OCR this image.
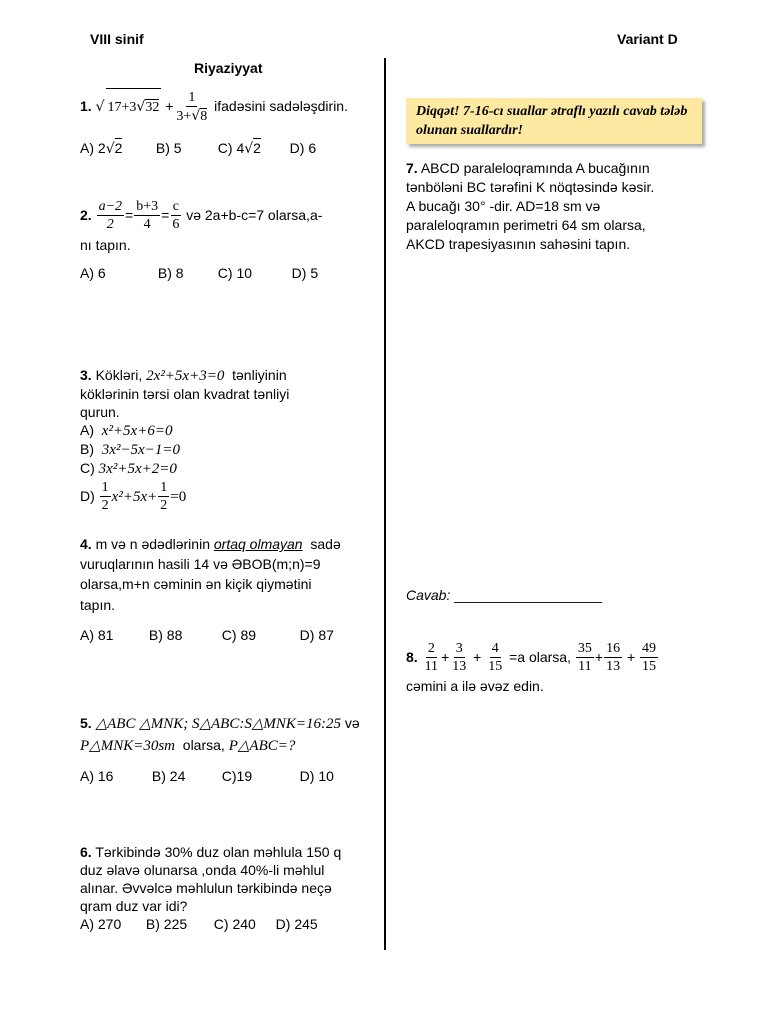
VIII sinif	Variant D
Riyaziyyat
1. √ $17+3√32 + \frac{1}{3+√8}$ ifadəsini sadələşdirin.
A) 2√2 B) 5	C) 4√2 D) 6
2. $\frac{a-2}{2} = \frac{b+3}{4} = \frac{c}{6}$ və 2a+b-c=7 olarsa,a-
nı tapın.
A) 6	B) 8 C) 10	D) 5
3. Kökləri, 2x²+5x+3=0 tənliyinin
köklərinin tərsi olan kvadrat tənliyi
qurun.
A) x²+5x+6=0
B) 3x²−5x−1=0
C) 3x²+5x+2=0
$D) \frac{1}{2} x^2+5x+ \frac{1}{2} =0$
4. m və n ədədlərinin ortaq olmayan sadə
vuruqlarının hasili 14 və ƏBOB(m;n)=9
olarsa,m+n cəminin ən kiçik qiymətini
tapın.
A) 81	B) 88	C) 89	D) 87
5. △ABC △MNK; S△ABC:S△MNK=16:25 və
P△MNK=30sm olarsa, P△ABC=?
A) 16	B) 24	C)19	D) 10
6. Tərkibində 30% duz olan məhlula 150 q
duz əlavə olunarsa ,onda 40%-li məhlul
alınar. Əvvəlcə məhlulun tərkibində neçə
qram duz var idi?
A) 270 B) 225 C) 240 D) 245
Diqqət! 7-16-cı suallar ətraflı yazılı cavab tələb olunan suallardır!
7. ABCD paraleloqramında A bucağının
tənböləni BC tərəfini K nöqtəsində kəsir.
A bucağı 30° -dir. AD=18 sm və
paraleloqramın perimetri 64 sm olarsa,
AKCD trapesiyasının sahəsini tapın.
Cavab: ___________________
8. $\frac{2}{11} + \frac{3}{13} + \frac{4}{15} =a$ olarsa, $\frac{35}{11} + \frac{16}{13} + \frac{49}{15}$
cəmini a ilə əvəz edin.
